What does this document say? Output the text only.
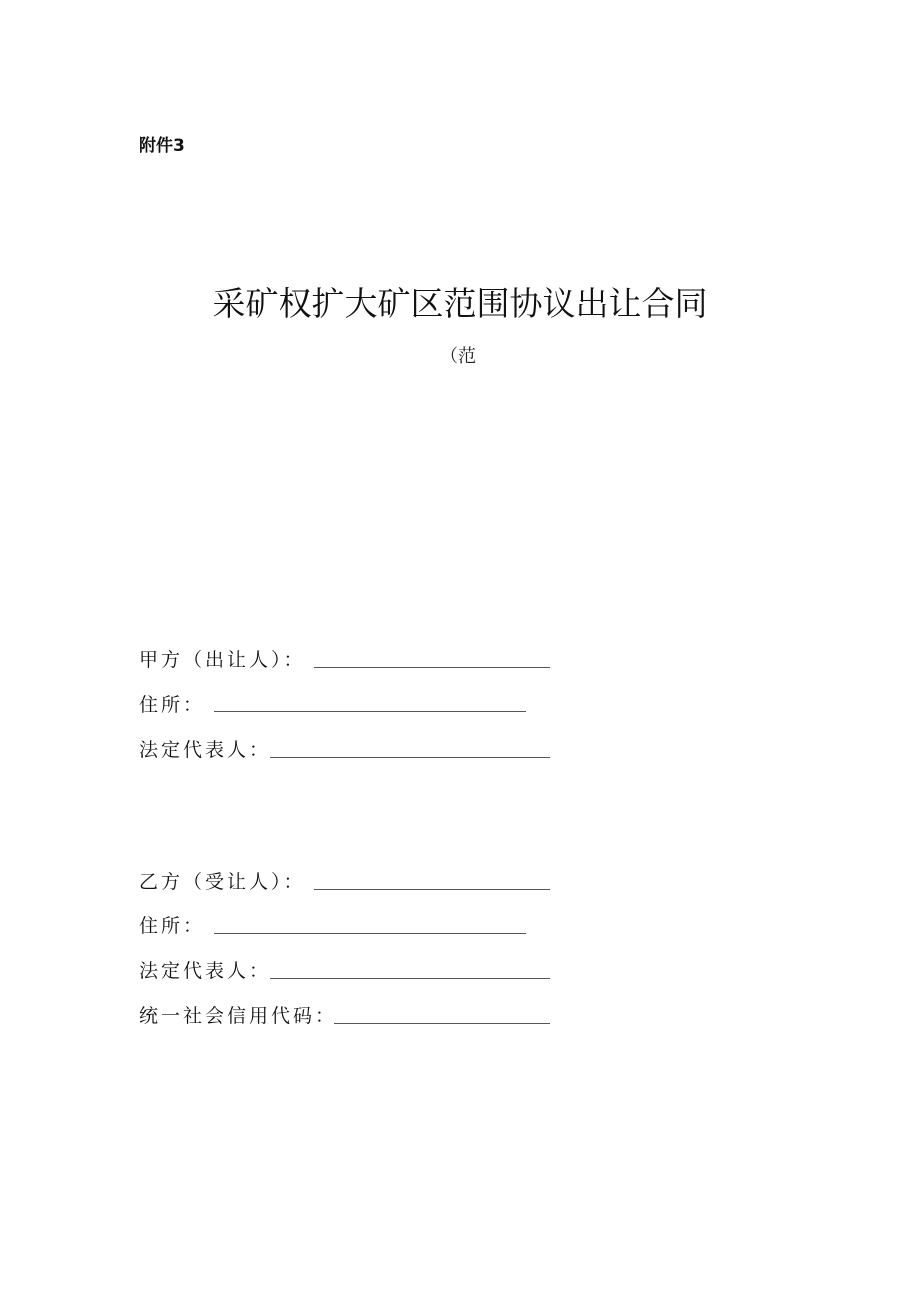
附件3
采矿权扩大矿区范围协议出让合同
（范
甲方（出让人）：
住所：
法定代表人：
乙方（受让人）：
住所：
法定代表人：
统一社会信用代码：
